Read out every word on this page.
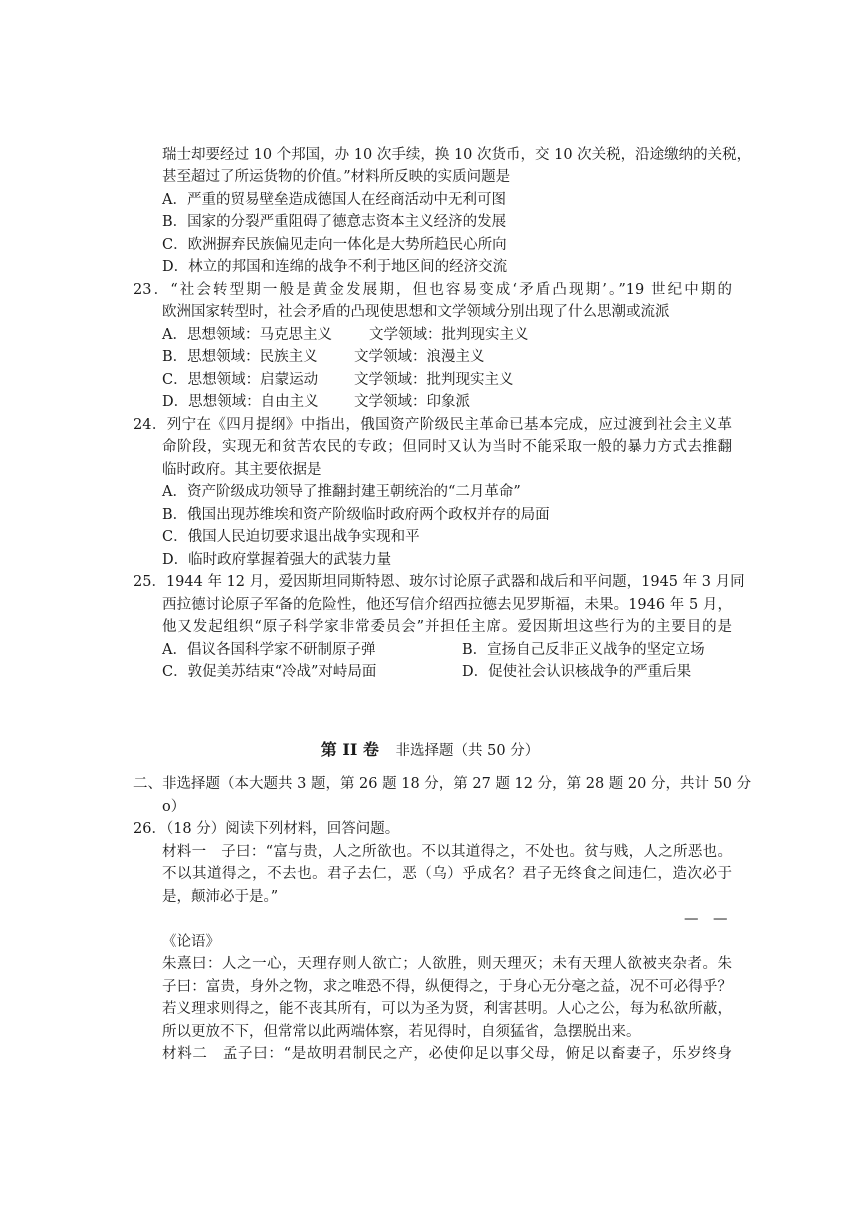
瑞士却要经过 10 个邦国，办 10 次手续，换 10 次货币，交 10 次关税，沿途缴纳的关税，
甚至超过了所运货物的价值。”材料所反映的实质问题是
A．严重的贸易壁垒造成德国人在经商活动中无利可图
B．国家的分裂严重阻碍了德意志资本主义经济的发展
C．欧洲摒弃民族偏见走向一体化是大势所趋民心所向
D．林立的邦国和连绵的战争不利于地区间的经济交流
23．“社会转型期一般是黄金发展期，但也容易变成‘矛盾凸现期’。”19 世纪中期的
欧洲国家转型时，社会矛盾的凸现使思想和文学领域分别出现了什么思潮或流派
A．思想领域：马克思主义	文学领域：批判现实主义
B．思想领域：民族主义	文学领域：浪漫主义
C．思想领域：启蒙运动 文学领域：批判现实主义
D．思想领域：自由主义 文学领域：印象派
24．列宁在《四月提纲》中指出，俄国资产阶级民主革命已基本完成，应过渡到社会主义革
命阶段，实现无和贫苦农民的专政；但同时又认为当时不能采取一般的暴力方式去推翻
临时政府。其主要依据是
A．资产阶级成功领导了推翻封建王朝统治的“二月革命”
B．俄国出现苏维埃和资产阶级临时政府两个政权并存的局面
C．俄国人民迫切要求退出战争实现和平
D．临时政府掌握着强大的武装力量
25．1944 年 12 月，爱因斯坦同斯特恩、玻尔讨论原子武器和战后和平问题，1945 年 3 月同
西拉德讨论原子军备的危险性，他还写信介绍西拉德去见罗斯福，未果。1946 年 5 月，
他又发起组织“原子科学家非常委员会”并担任主席。爱因斯坦这些行为的主要目的是
A．倡议各国科学家不研制原子弹	B．宣扬自己反非正义战争的坚定立场
C．敦促美苏结束“冷战”对峙局面	D．促使社会认识核战争的严重后果
第 II 卷 非选择题（共 50 分）
二、非选择题（本大题共 3 题，第 26 题 18 分，第 27 题 12 分，第 28 题 20 分，共计 50 分
o）
26．（18 分）阅读下列材料，回答问题。
材料一　子曰：“富与贵，人之所欲也。不以其道得之，不处也。贫与贱，人之所恶也。
不以其道得之，不去也。君子去仁，恶（乌）乎成名？君子无终食之间违仁，造次必于
是，颠沛必于是。”
—　—
《论语》
朱熹曰：人之一心，天理存则人欲亡；人欲胜，则天理灭；未有天理人欲被夹杂者。朱
子曰：富贵，身外之物，求之唯恐不得，纵便得之，于身心无分毫之益，况不可必得乎？
若义理求则得之，能不丧其所有，可以为圣为贤，利害甚明。人心之公，每为私欲所蔽，
所以更放不下，但常常以此两端体察，若见得时，自须猛省，急摆脱出来。
材料二　孟子曰：“是故明君制民之产，必使仰足以事父母，俯足以畜妻子，乐岁终身
